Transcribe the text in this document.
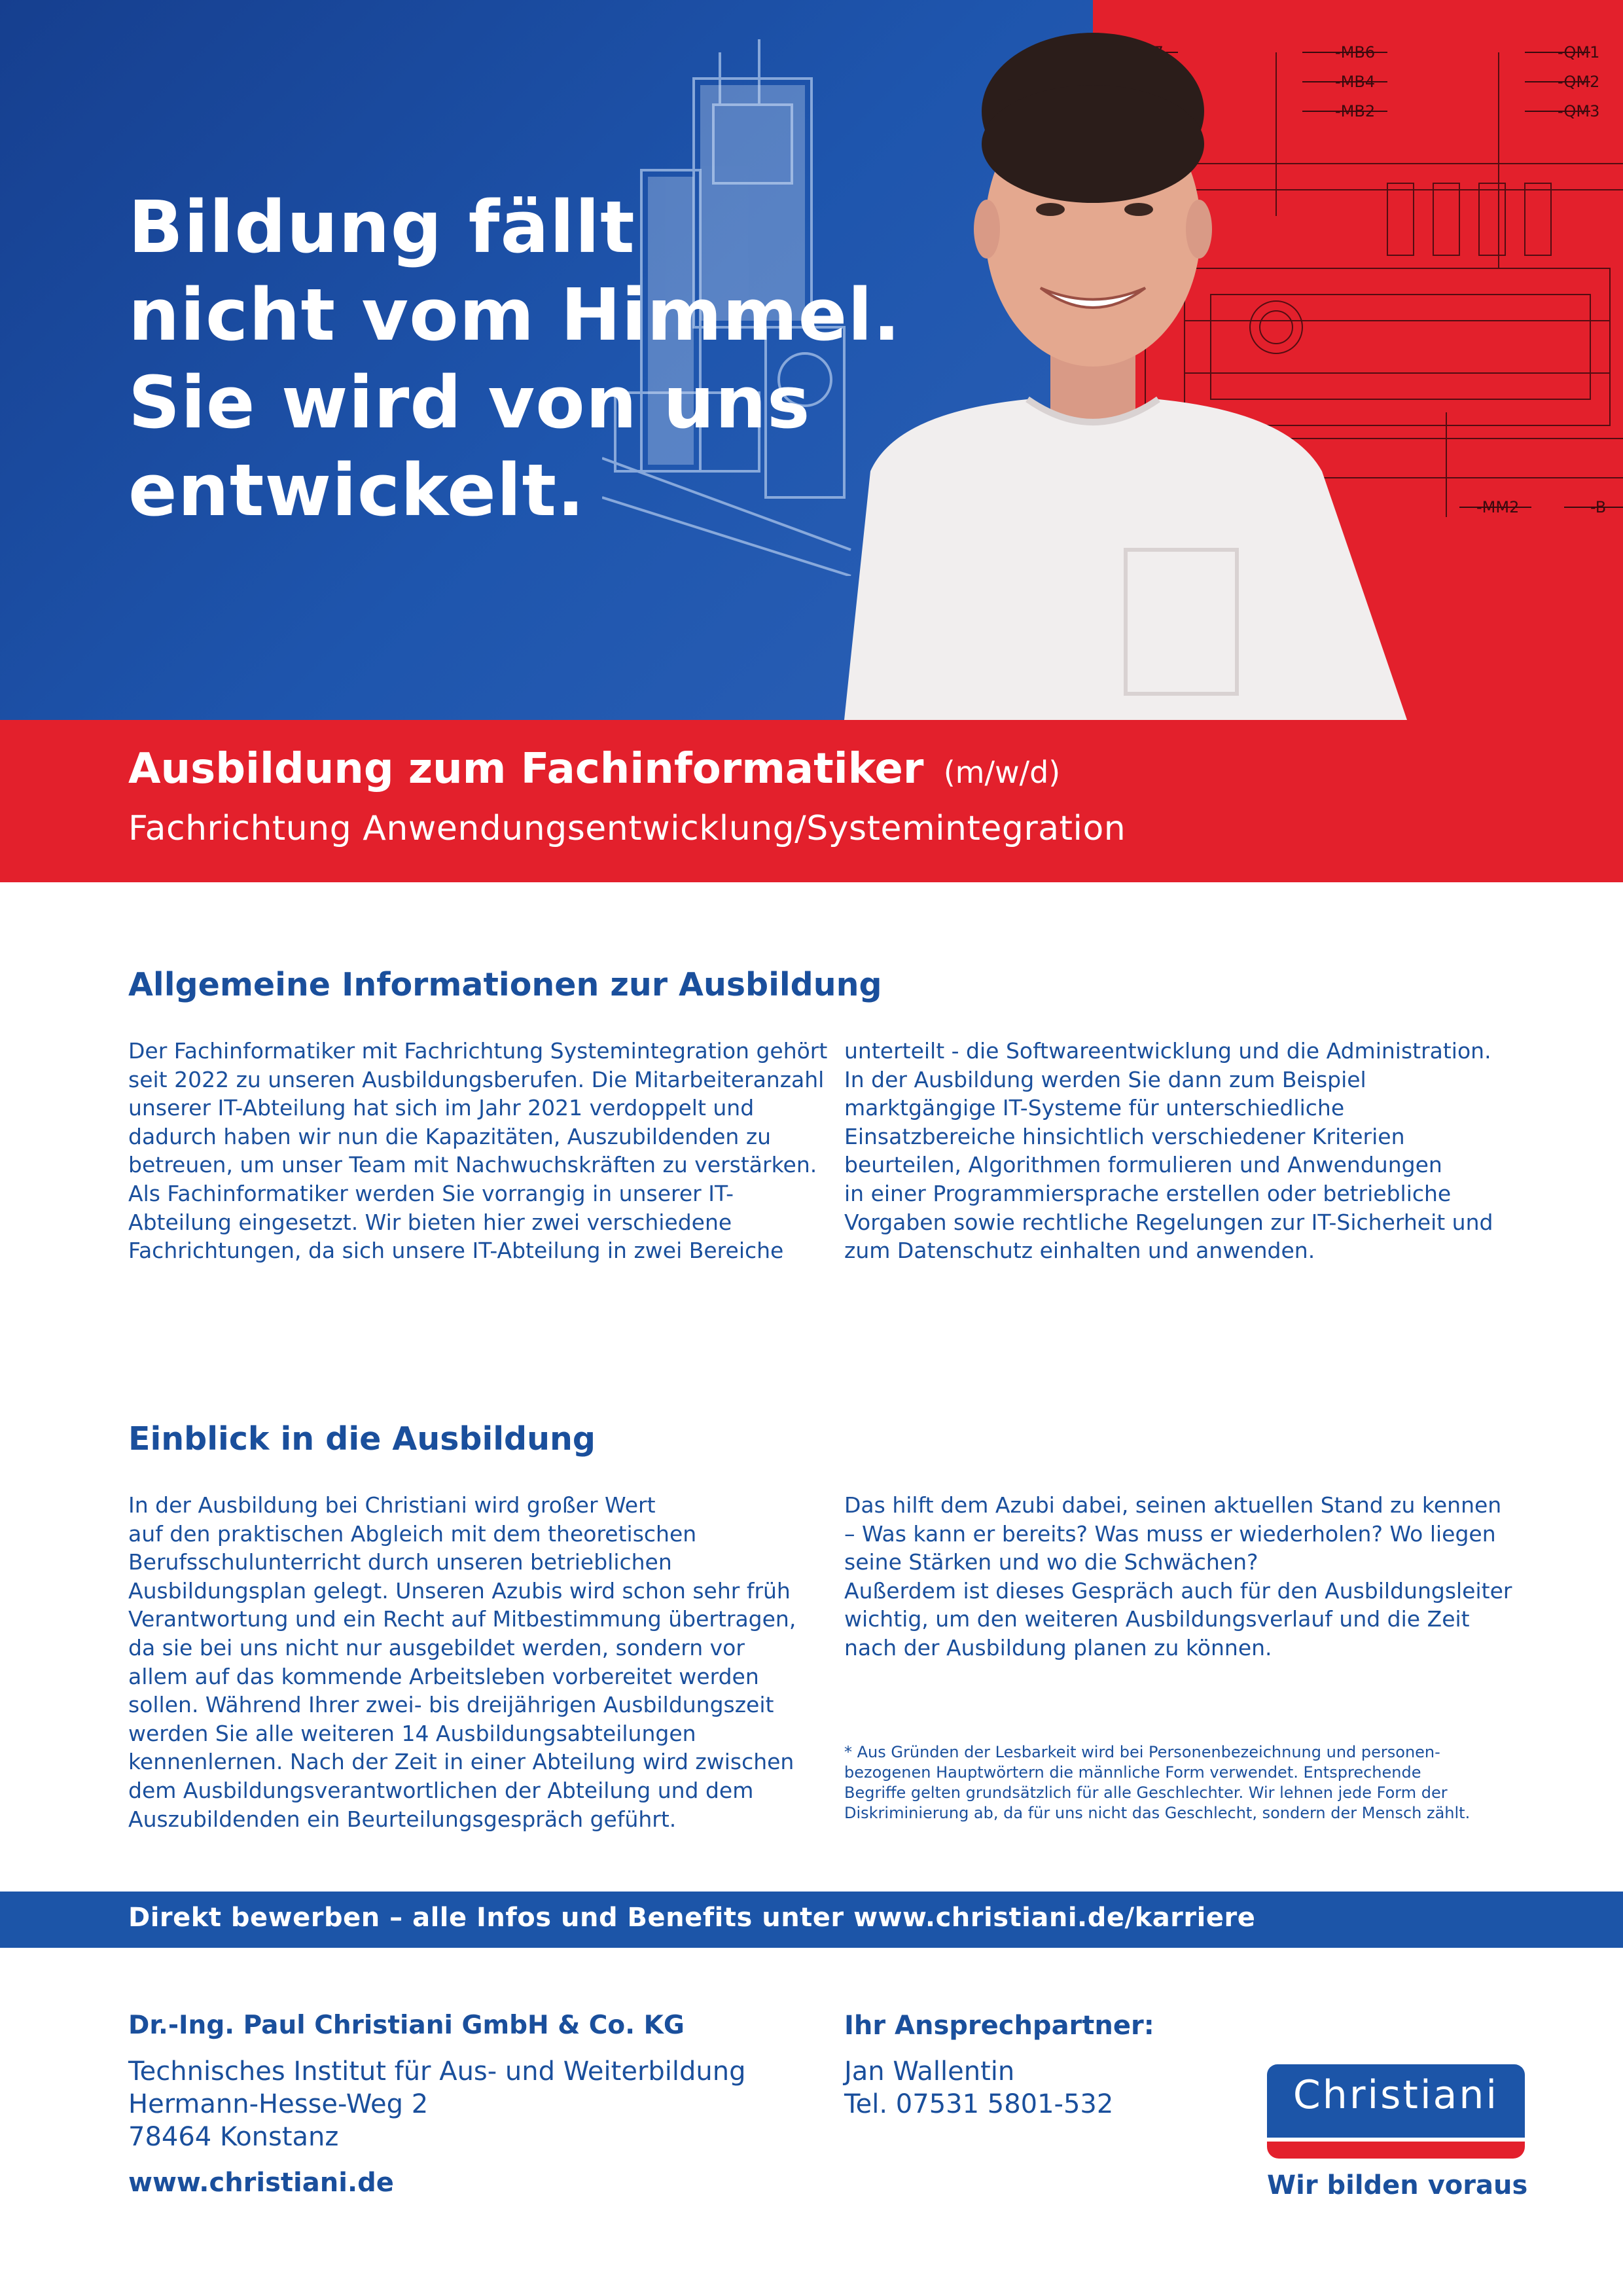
-MB6
-MB4
-MB2
-QM1
-QM2
-QM3
-MM2	-B
Bildung fällt
nicht vom Himmel.
Sie wird von uns
entwickelt.
Ausbildung zum Fachinformatiker (m/w/d)
Fachrichtung Anwendungsentwicklung/Systemintegration
Allgemeine Informationen zur Ausbildung
Der Fachinformatiker mit Fachrichtung Systemintegration gehört
seit 2022 zu unseren Ausbildungsberufen. Die Mitarbeiteranzahl
unserer IT-Abteilung hat sich im Jahr 2021 verdoppelt und
dadurch haben wir nun die Kapazitäten, Auszubildenden zu
betreuen, um unser Team mit Nachwuchskräften zu verstärken.
Als Fachinformatiker werden Sie vorrangig in unserer IT-
Abteilung eingesetzt. Wir bieten hier zwei verschiedene
Fachrichtungen, da sich unsere IT-Abteilung in zwei Bereiche
unterteilt - die Softwareentwicklung und die Administration.
In der Ausbildung werden Sie dann zum Beispiel
marktgängige IT-Systeme für unterschiedliche
Einsatzbereiche hinsichtlich verschiedener Kriterien
beurteilen, Algorithmen formulieren und Anwendungen
in einer Programmiersprache erstellen oder betriebliche
Vorgaben sowie rechtliche Regelungen zur IT-Sicherheit und
zum Datenschutz einhalten und anwenden.
Einblick in die Ausbildung
In der Ausbildung bei Christiani wird großer Wert
auf den praktischen Abgleich mit dem theoretischen
Berufsschulunterricht durch unseren betrieblichen
Ausbildungsplan gelegt. Unseren Azubis wird schon sehr früh
Verantwortung und ein Recht auf Mitbestimmung übertragen,
da sie bei uns nicht nur ausgebildet werden, sondern vor
allem auf das kommende Arbeitsleben vorbereitet werden
sollen. Während Ihrer zwei- bis dreijährigen Ausbildungszeit
werden Sie alle weiteren 14 Ausbildungsabteilungen
kennenlernen. Nach der Zeit in einer Abteilung wird zwischen
dem Ausbildungsverantwortlichen der Abteilung und dem
Auszubildenden ein Beurteilungsgespräch geführt.
Das hilft dem Azubi dabei, seinen aktuellen Stand zu kennen
– Was kann er bereits? Was muss er wiederholen? Wo liegen
seine Stärken und wo die Schwächen?
Außerdem ist dieses Gespräch auch für den Ausbildungsleiter
wichtig, um den weiteren Ausbildungsverlauf und die Zeit
nach der Ausbildung planen zu können.
* Aus Gründen der Lesbarkeit wird bei Personenbezeichnung und personen-
bezogenen Hauptwörtern die männliche Form verwendet. Entsprechende
Begriffe gelten grundsätzlich für alle Geschlechter. Wir lehnen jede Form der
Diskriminierung ab, da für uns nicht das Geschlecht, sondern der Mensch zählt.
Direkt bewerben – alle Infos und Benefits unter www.christiani.de/karriere
Dr.-Ing. Paul Christiani GmbH & Co. KG
Technisches Institut für Aus- und Weiterbildung
Hermann-Hesse-Weg 2
78464 Konstanz
www.christiani.de
Ihr Ansprechpartner:
Jan Wallentin
Tel. 07531 5801-532	Christiani
Wir bilden voraus
